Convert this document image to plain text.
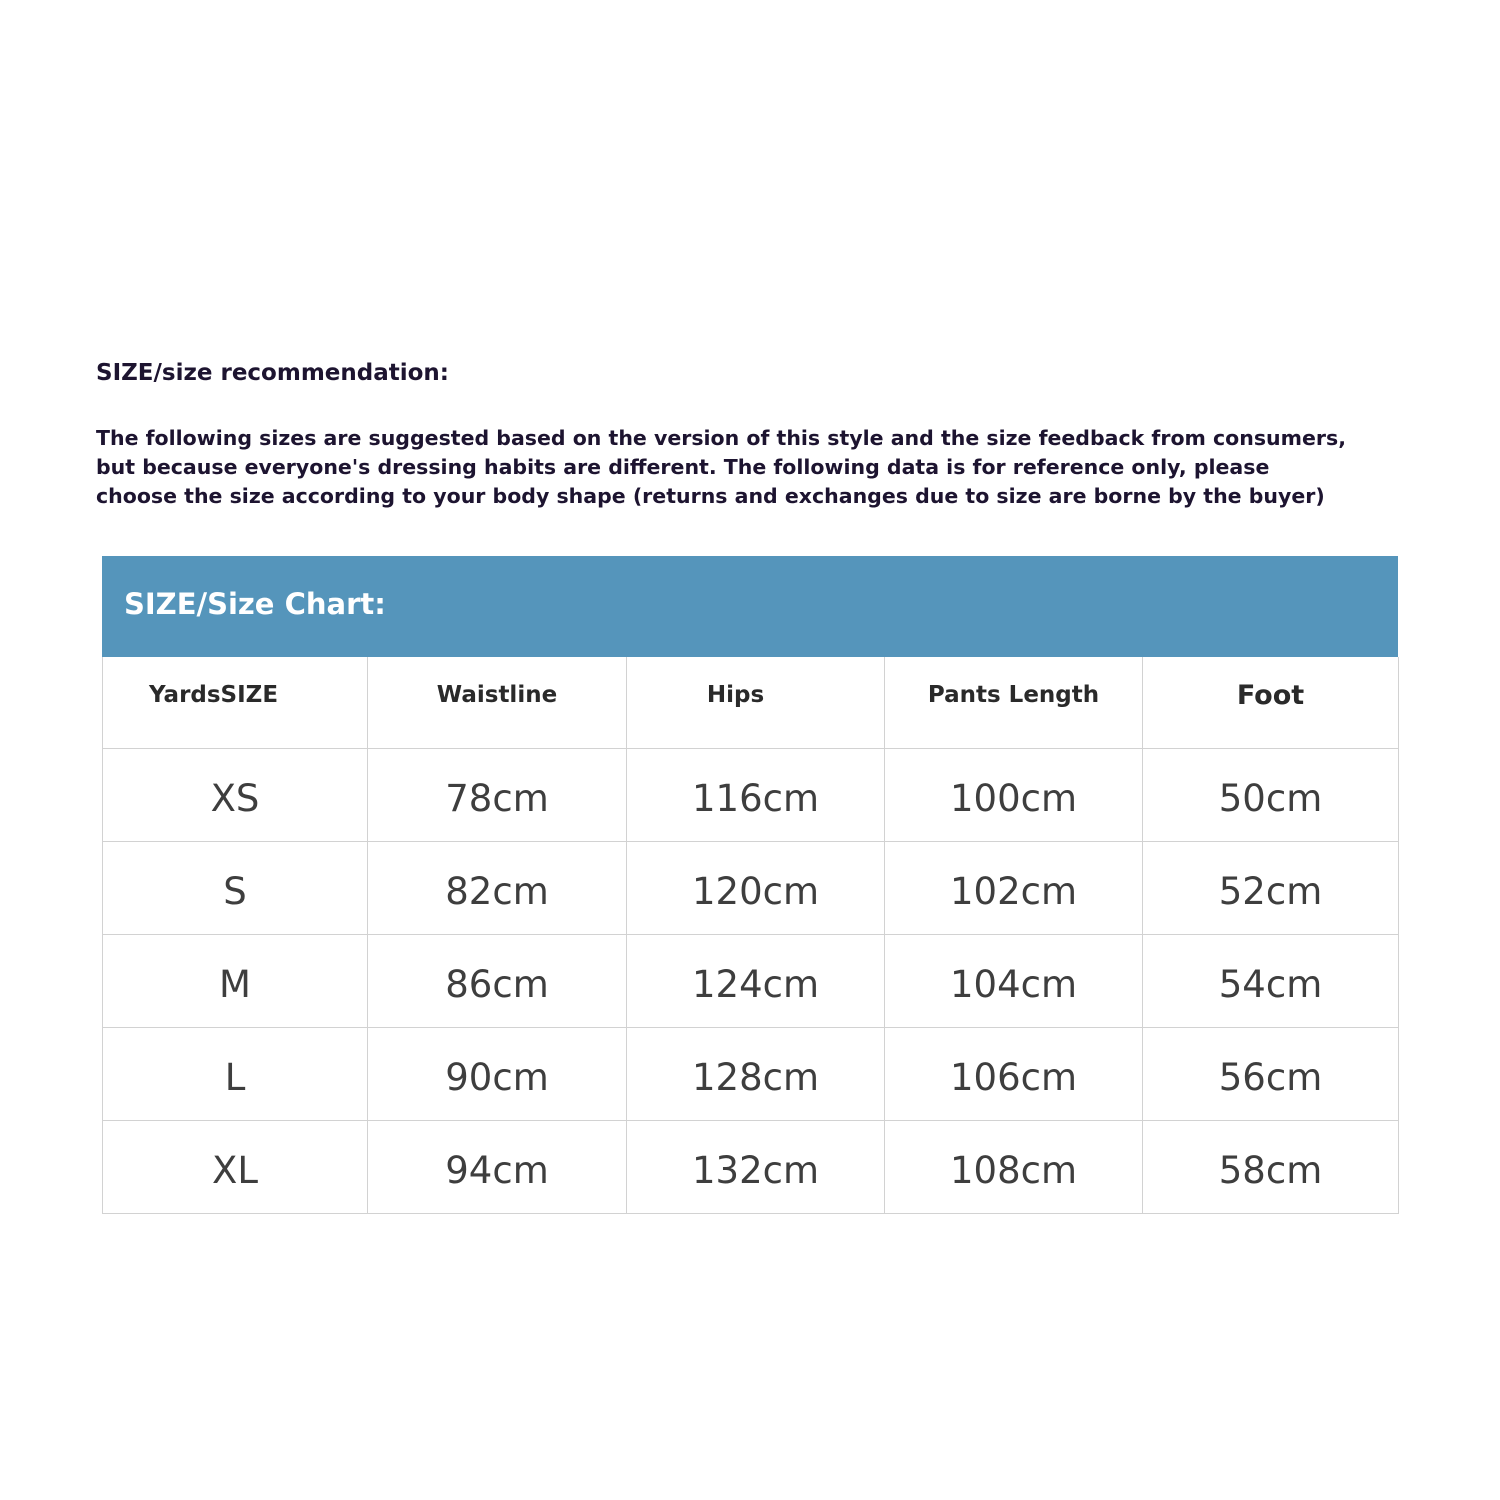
SIZE/size recommendation:

The following sizes are suggested based on the version of this style and the size feedback from consumers,
but because everyone's dressing habits are different. The following data is for reference only, please
choose the size according to your body shape (returns and exchanges due to size are borne by the buyer)

SIZE/Size Chart:
YardsSIZE	Waistline	Hips	Pants Length	Foot
XS	78cm	116cm	100cm	50cm
S	82cm	120cm	102cm	52cm
M	86cm	124cm	104cm	54cm
L	90cm	128cm	106cm	56cm
XL	94cm	132cm	108cm	58cm
